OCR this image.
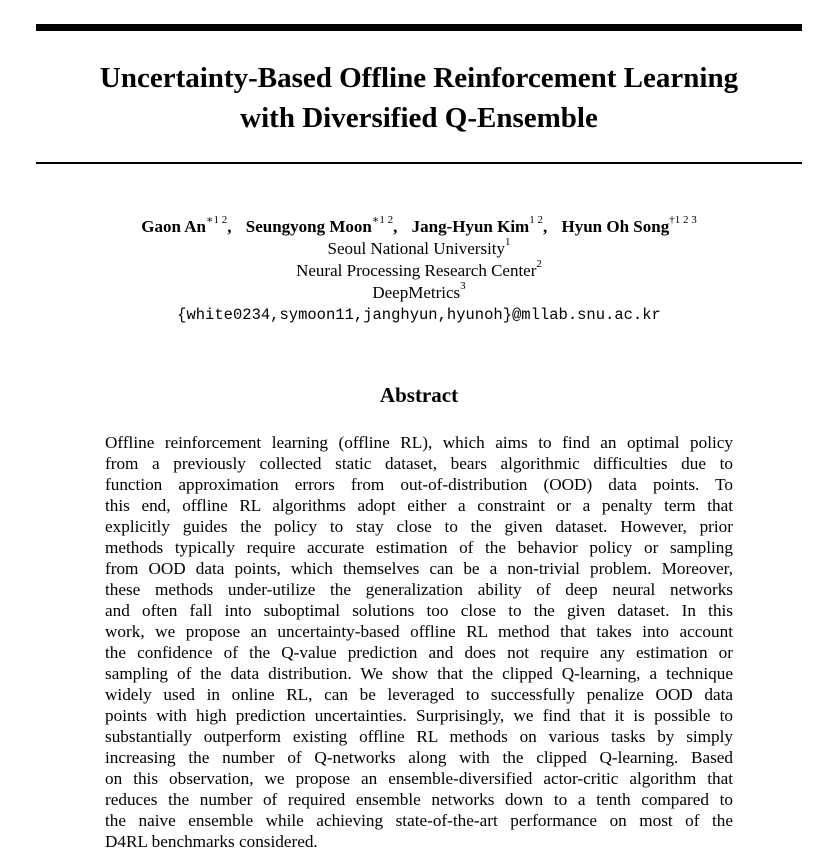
Uncertainty-Based Offline Reinforcement Learning
with Diversified Q-Ensemble
Gaon $An^{∗1 2}$, Seungyong Moon$^{∗1 2}$, Jang-Hyun Kim$^{1 2}$, Hyun Oh Song$^{\dagger 1 2 3}$
Seoul National University$^1$
Neural Processing Research Center$^2$
DeepMetrics$^3$
{white0234,symoon11,janghyun,hyunoh}@mllab.snu.ac.kr
Abstract
Offline reinforcement learning (offline RL), which aims to find an optimal policy
from a previously collected static dataset, bears algorithmic difficulties due to
function approximation errors from out-of-distribution (OOD) data points. To
this end, offline RL algorithms adopt either a constraint or a penalty term that
explicitly guides the policy to stay close to the given dataset. However, prior
methods typically require accurate estimation of the behavior policy or sampling
from OOD data points, which themselves can be a non-trivial problem. Moreover,
these methods under-utilize the generalization ability of deep neural networks
and often fall into suboptimal solutions too close to the given dataset. In this
work, we propose an uncertainty-based offline RL method that takes into account
the confidence of the Q-value prediction and does not require any estimation or
sampling of the data distribution. We show that the clipped Q-learning, a technique
widely used in online RL, can be leveraged to successfully penalize OOD data
points with high prediction uncertainties. Surprisingly, we find that it is possible to
substantially outperform existing offline RL methods on various tasks by simply
increasing the number of Q-networks along with the clipped Q-learning. Based
on this observation, we propose an ensemble-diversified actor-critic algorithm that
reduces the number of required ensemble networks down to a tenth compared to
the naive ensemble while achieving state-of-the-art performance on most of the
D4RL benchmarks considered.
